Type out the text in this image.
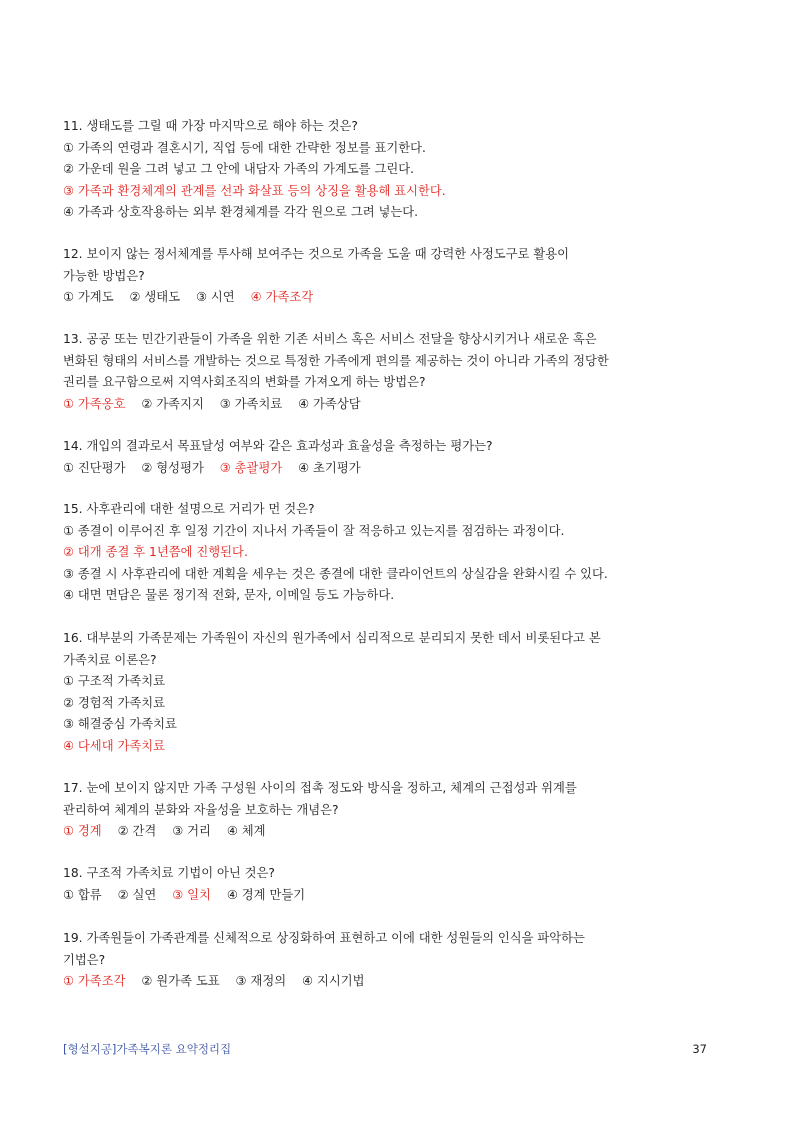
11. 생태도를 그릴 때 가장 마지막으로 해야 하는 것은?
① 가족의 연령과 결혼시기, 직업 등에 대한 간략한 정보를 표기한다.
② 가운데 원을 그려 넣고 그 안에 내담자 가족의 가계도를 그린다.
③ 가족과 환경체계의 관계를 선과 화살표 등의 상징을 활용해 표시한다.
④ 가족과 상호작용하는 외부 환경체계를 각각 원으로 그려 넣는다.
12. 보이지 않는 정서체계를 투사해 보여주는 것으로 가족을 도울 때 강력한 사정도구로 활용이
가능한 방법은?
① 가계도 ② 생태도 ③ 시연 ④ 가족조각
13. 공공 또는 민간기관들이 가족을 위한 기존 서비스 혹은 서비스 전달을 향상시키거나 새로운 혹은
변화된 형태의 서비스를 개발하는 것으로 특정한 가족에게 편의를 제공하는 것이 아니라 가족의 정당한
권리를 요구함으로써 지역사회조직의 변화를 가져오게 하는 방법은?
① 가족옹호 ② 가족지지 ③ 가족치료 ④ 가족상담
14. 개입의 결과로서 목표달성 여부와 같은 효과성과 효율성을 측정하는 평가는?
① 진단평가 ② 형성평가 ③ 총괄평가 ④ 초기평가
15. 사후관리에 대한 설명으로 거리가 먼 것은?
① 종결이 이루어진 후 일정 기간이 지나서 가족들이 잘 적응하고 있는지를 점검하는 과정이다.
② 대개 종결 후 1년쯤에 진행된다.
③ 종결 시 사후관리에 대한 계획을 세우는 것은 종결에 대한 클라이언트의 상실감을 완화시킬 수 있다.
④ 대면 면담은 물론 정기적 전화, 문자, 이메일 등도 가능하다.
16. 대부분의 가족문제는 가족원이 자신의 원가족에서 심리적으로 분리되지 못한 데서 비롯된다고 본
가족치료 이론은?
① 구조적 가족치료
② 경험적 가족치료
③ 해결중심 가족치료
④ 다세대 가족치료
17. 눈에 보이지 않지만 가족 구성원 사이의 접촉 정도와 방식을 정하고, 체계의 근접성과 위계를
관리하여 체계의 분화와 자율성을 보호하는 개념은?
① 경계 ② 간격 ③ 거리 ④ 체계
18. 구조적 가족치료 기법이 아닌 것은?
① 합류 ② 실연 ③ 일치 ④ 경계 만들기
19. 가족원들이 가족관계를 신체적으로 상징화하여 표현하고 이에 대한 성원들의 인식을 파악하는
기법은?
① 가족조각 ② 원가족 도표 ③ 재정의 ④ 지시기법
[형설지공]가족복지론 요약정리집	37
